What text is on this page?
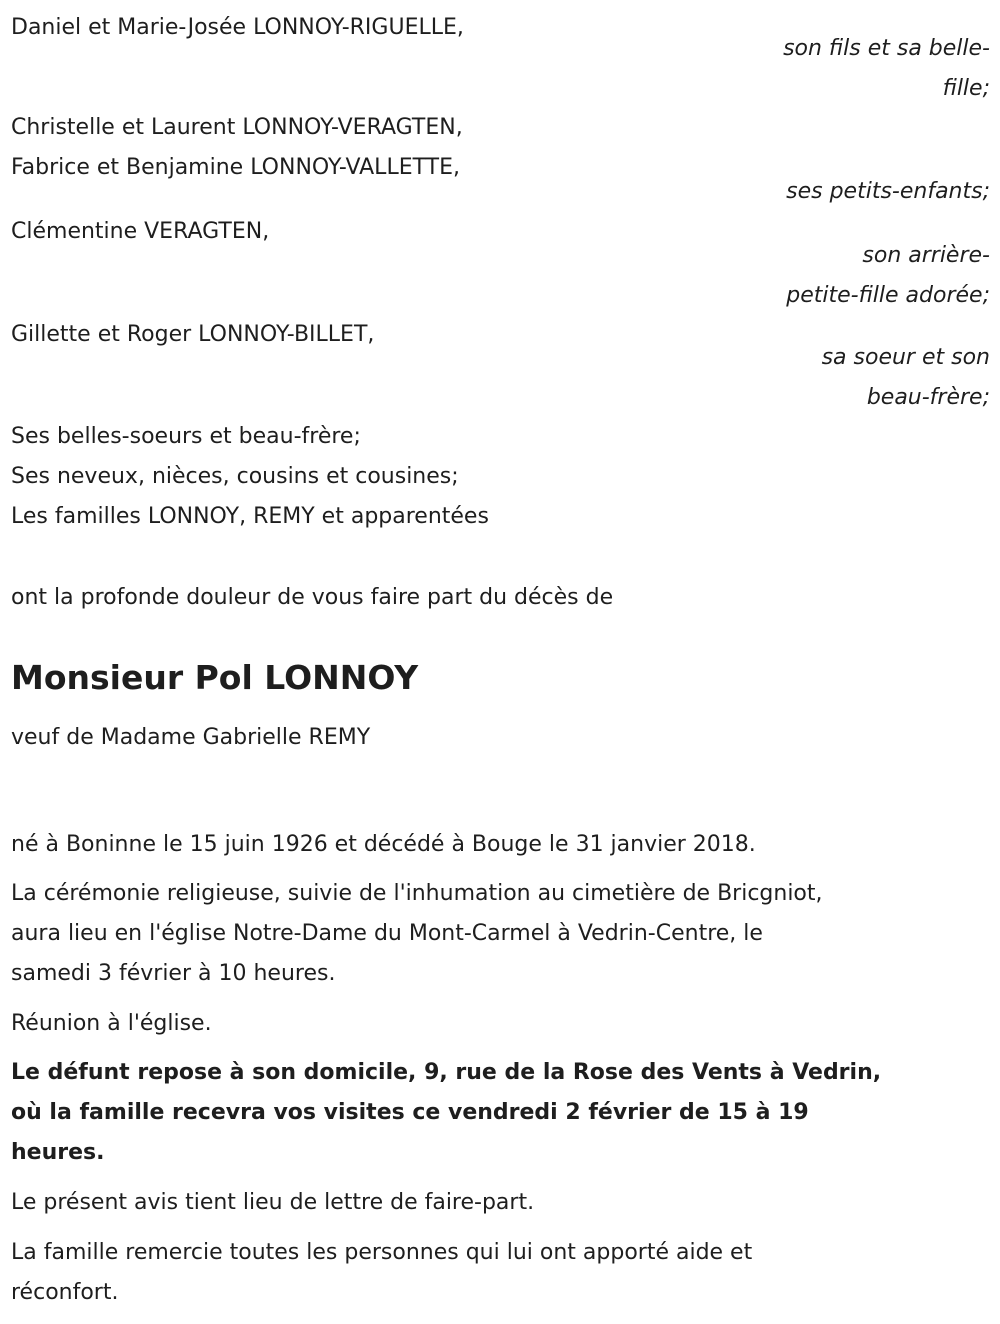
Daniel et Marie-Josée LONNOY-RIGUELLE,
son fils et sa belle-
fille;
Christelle et Laurent LONNOY-VERAGTEN,
Fabrice et Benjamine LONNOY-VALLETTE,
ses petits-enfants;
Clémentine VERAGTEN,
son arrière-
petite-fille adorée;
Gillette et Roger LONNOY-BILLET,
sa soeur et son
beau-frère;
Ses belles-soeurs et beau-frère;
Ses neveux, nièces, cousins et cousines;
Les familles LONNOY, REMY et apparentées
ont la profonde douleur de vous faire part du décès de
Monsieur Pol LONNOY
veuf de Madame Gabrielle REMY
né à Boninne le 15 juin 1926 et décédé à Bouge le 31 janvier 2018.
La cérémonie religieuse, suivie de l'inhumation au cimetière de Bricgniot,
aura lieu en l'église Notre-Dame du Mont-Carmel à Vedrin-Centre, le
samedi 3 février à 10 heures.
Réunion à l'église.
Le défunt repose à son domicile, 9, rue de la Rose des Vents à Vedrin,
où la famille recevra vos visites ce vendredi 2 février de 15 à 19
heures.
Le présent avis tient lieu de lettre de faire-part.
La famille remercie toutes les personnes qui lui ont apporté aide et
réconfort.
